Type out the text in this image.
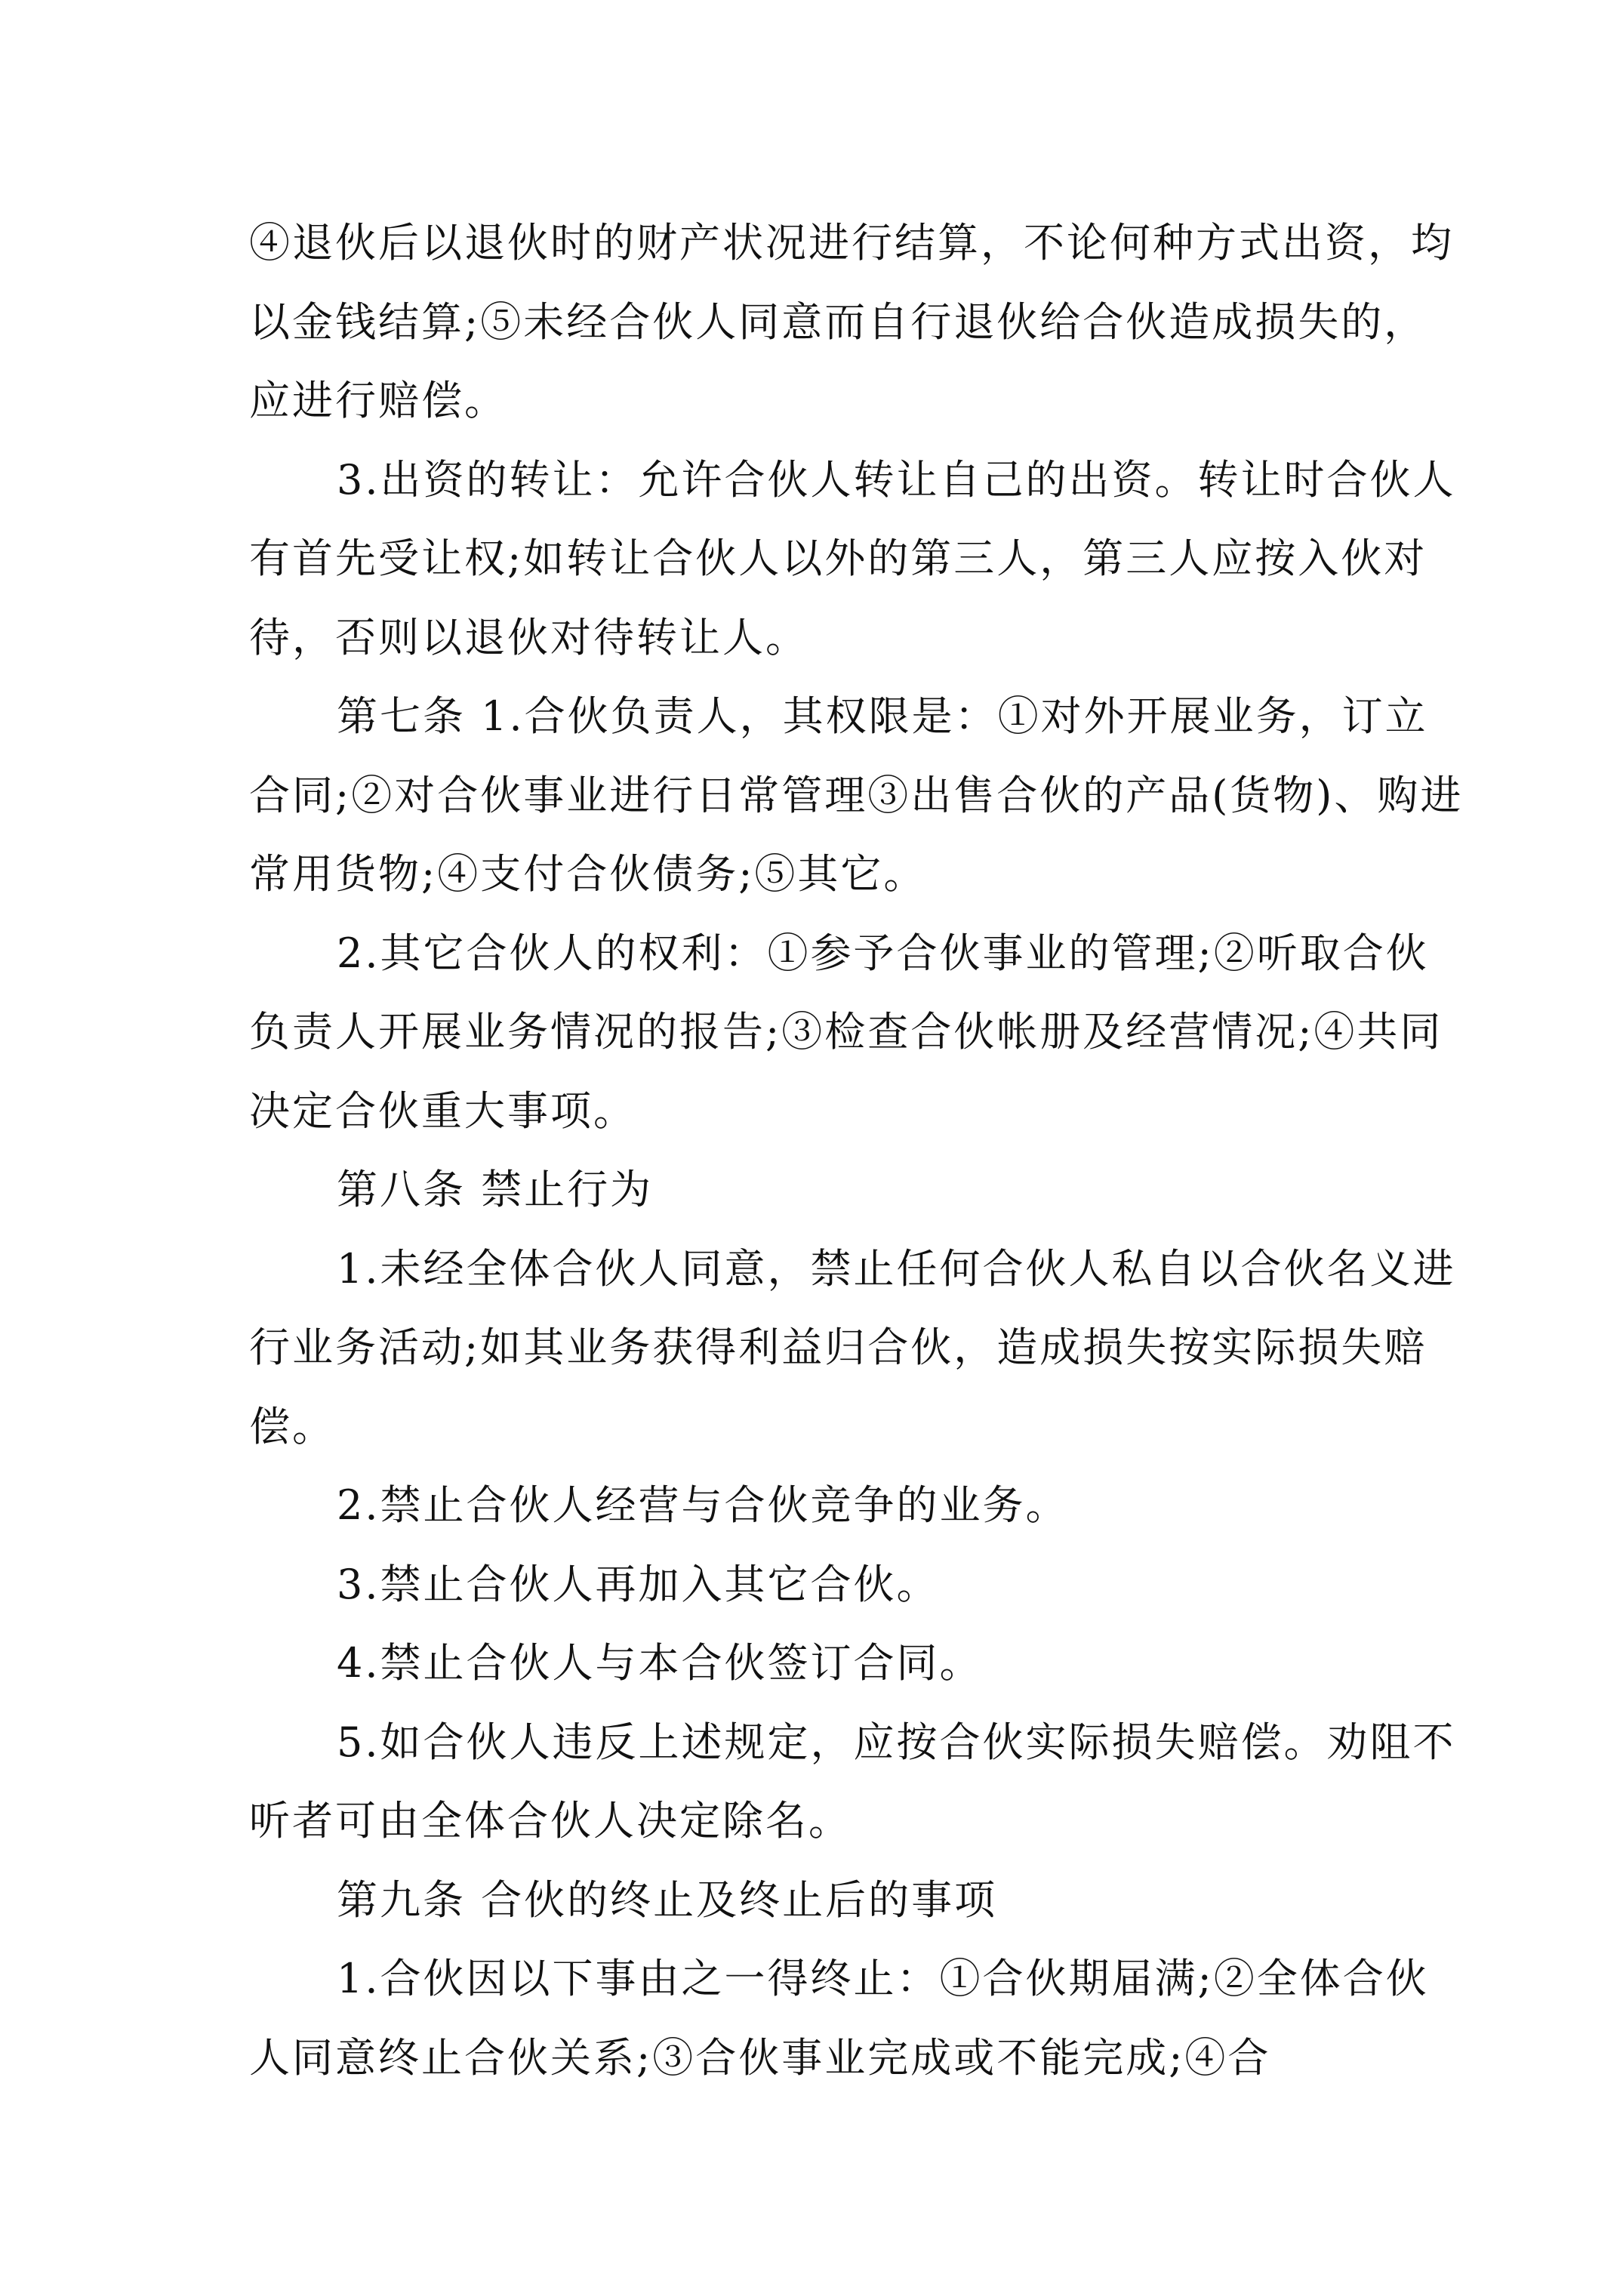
④退伙后以退伙时的财产状况进行结算，不论何种方式出资，均以金钱结算;⑤未经合伙人同意而自行退伙给合伙造成损失的，应进行赔偿。

3.出资的转让：允许合伙人转让自己的出资。转让时合伙人有首先受让权;如转让合伙人以外的第三人，第三人应按入伙对待，否则以退伙对待转让人。

第七条 1.合伙负责人，其权限是：①对外开展业务，订立合同;②对合伙事业进行日常管理③出售合伙的产品(货物)、购进常用货物;④支付合伙债务;⑤其它。

2.其它合伙人的权利：①参予合伙事业的管理;②听取合伙负责人开展业务情况的报告;③检查合伙帐册及经营情况;④共同决定合伙重大事项。

第八条 禁止行为

1.未经全体合伙人同意，禁止任何合伙人私自以合伙名义进行业务活动;如其业务获得利益归合伙，造成损失按实际损失赔偿。

2.禁止合伙人经营与合伙竞争的业务。

3.禁止合伙人再加入其它合伙。

4.禁止合伙人与本合伙签订合同。

5.如合伙人违反上述规定，应按合伙实际损失赔偿。劝阻不听者可由全体合伙人决定除名。

第九条 合伙的终止及终止后的事项

1.合伙因以下事由之一得终止：①合伙期届满;②全体合伙人同意终止合伙关系;③合伙事业完成或不能完成;④合
